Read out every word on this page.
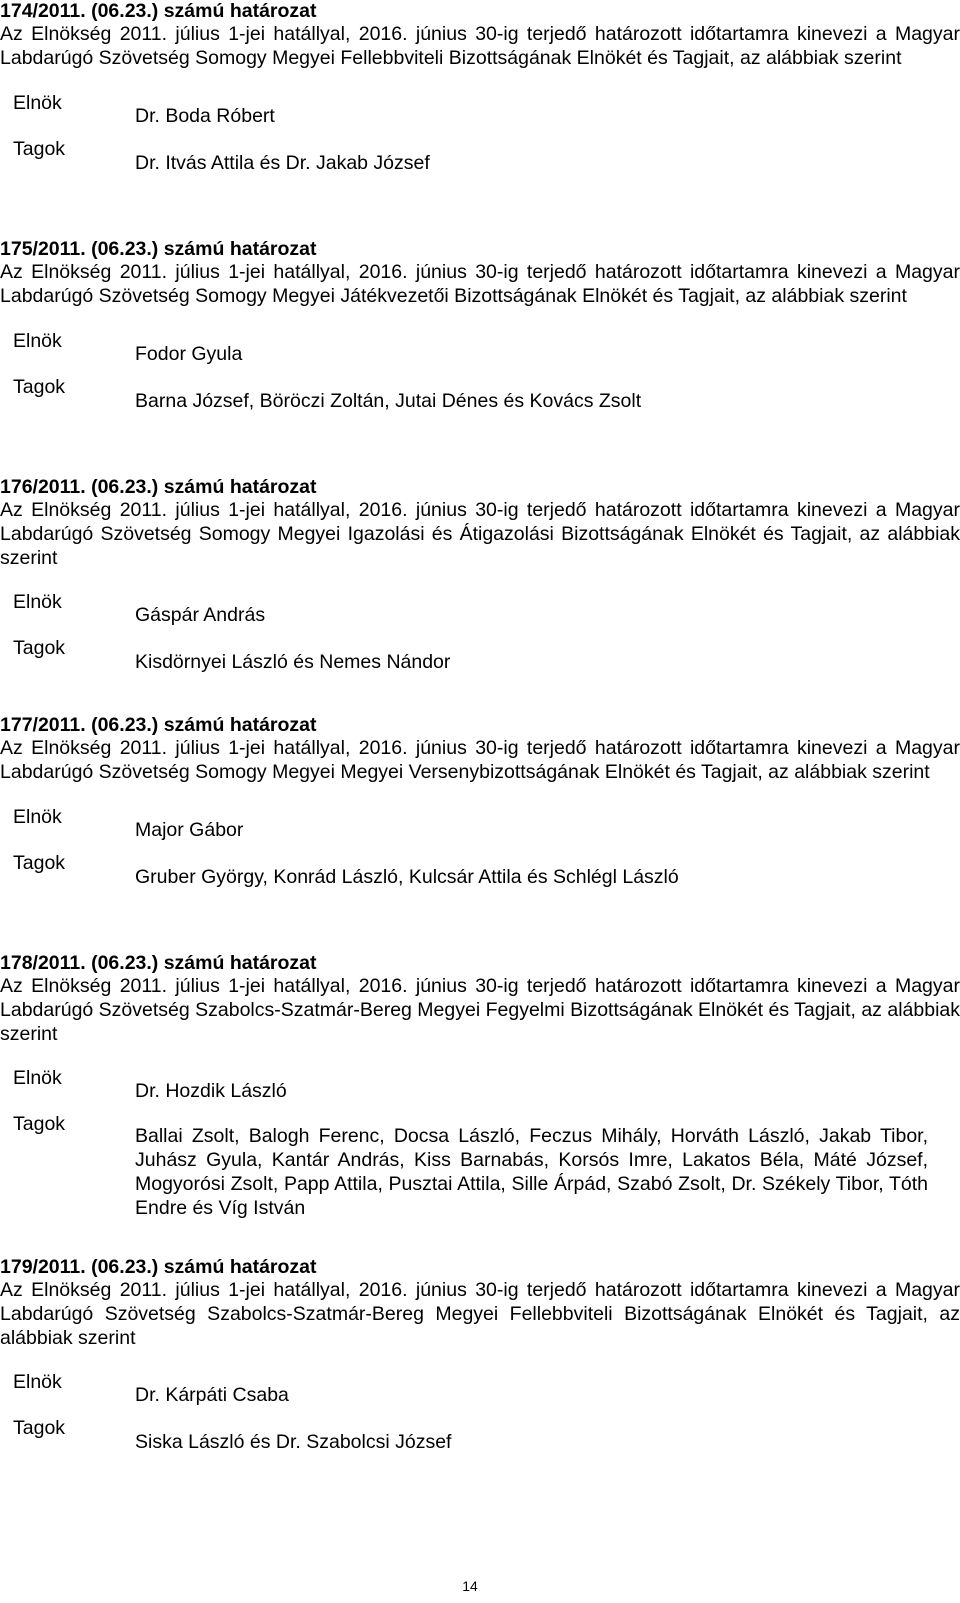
174/2011. (06.23.) számú határozat
Az Elnökség 2011. július 1-jei hatállyal, 2016. június 30-ig terjedő határozott időtartamra kinevezi a Magyar Labdarúgó Szövetség Somogy Megyei Fellebbviteli Bizottságának Elnökét és Tagjait, az alábbiak szerint
Elnök
Dr. Boda Róbert
Tagok
Dr. Itvás Attila és Dr. Jakab József
175/2011. (06.23.) számú határozat
Az Elnökség 2011. július 1-jei hatállyal, 2016. június 30-ig terjedő határozott időtartamra kinevezi a Magyar Labdarúgó Szövetség Somogy Megyei Játékvezetői Bizottságának Elnökét és Tagjait, az alábbiak szerint
Elnök
Fodor Gyula
Tagok
Barna József, Böröczi Zoltán, Jutai Dénes és Kovács Zsolt
176/2011. (06.23.) számú határozat
Az Elnökség 2011. július 1-jei hatállyal, 2016. június 30-ig terjedő határozott időtartamra kinevezi a Magyar Labdarúgó Szövetség Somogy Megyei Igazolási és Átigazolási Bizottságának Elnökét és Tagjait, az alábbiak szerint
Elnök
Gáspár András
Tagok
Kisdörnyei László és Nemes Nándor
177/2011. (06.23.) számú határozat
Az Elnökség 2011. július 1-jei hatállyal, 2016. június 30-ig terjedő határozott időtartamra kinevezi a Magyar Labdarúgó Szövetség Somogy Megyei Megyei Versenybizottságának Elnökét és Tagjait, az alábbiak szerint
Elnök
Major Gábor
Tagok
Gruber György, Konrád László, Kulcsár Attila és Schlégl László
178/2011. (06.23.) számú határozat
Az Elnökség 2011. július 1-jei hatállyal, 2016. június 30-ig terjedő határozott időtartamra kinevezi a Magyar Labdarúgó Szövetség Szabolcs-Szatmár-Bereg Megyei Fegyelmi Bizottságának Elnökét és Tagjait, az alábbiak szerint
Elnök
Dr. Hozdik László
Tagok
Ballai Zsolt, Balogh Ferenc, Docsa László, Feczus Mihály, Horváth László, Jakab Tibor, Juhász Gyula, Kantár András, Kiss Barnabás, Korsós Imre, Lakatos Béla, Máté József, Mogyorósi Zsolt, Papp Attila, Pusztai Attila, Sille Árpád, Szabó Zsolt, Dr. Székely Tibor, Tóth Endre és Víg István
179/2011. (06.23.) számú határozat
Az Elnökség 2011. július 1-jei hatállyal, 2016. június 30-ig terjedő határozott időtartamra kinevezi a Magyar Labdarúgó Szövetség Szabolcs-Szatmár-Bereg Megyei Fellebbviteli Bizottságának Elnökét és Tagjait, az alábbiak szerint
Elnök
Dr. Kárpáti Csaba
Tagok
Siska László és Dr. Szabolcsi József
14
